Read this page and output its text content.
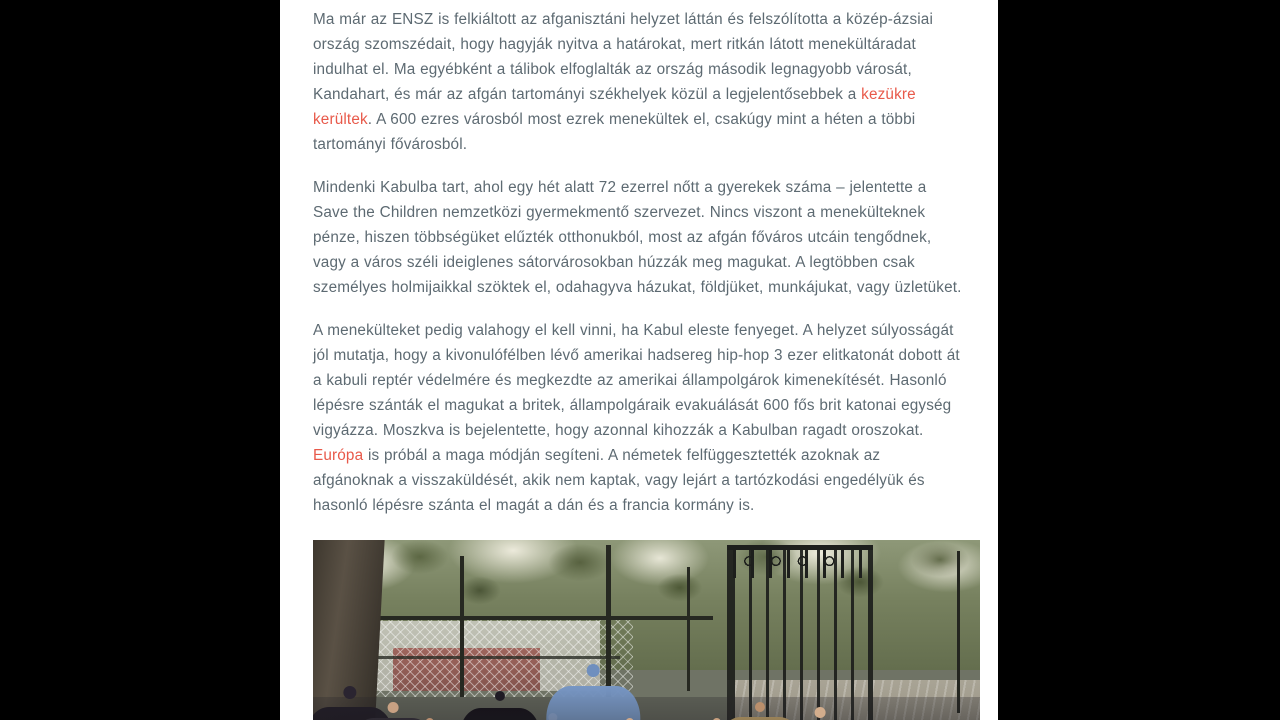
Ma már az ENSZ is felkiáltott az afganisztáni helyzet láttán és felszólította a közép-ázsiai ország szomszédait, hogy hagyják nyitva a határokat, mert ritkán látott menekültáradat indulhat el. Ma egyébként a tálibok elfoglalták az ország második legnagyobb városát, Kandahart, és már az afgán tartományi székhelyek közül a legjelentősebbek a kezükre kerültek. A 600 ezres városból most ezrek menekültek el, csakúgy mint a héten a többi tartományi fővárosból.

Mindenki Kabulba tart, ahol egy hét alatt 72 ezerrel nőtt a gyerekek száma – jelentette a Save the Children nemzetközi gyermekmentő szervezet. Nincs viszont a menekülteknek pénze, hiszen többségüket elűzték otthonukból, most az afgán főváros utcáin tengődnek, vagy a város széli ideiglenes sátorvárosokban húzzák meg magukat. A legtöbben csak személyes holmijaikkal szöktek el, odahagyva házukat, földjüket, munkájukat, vagy üzletüket.

A menekülteket pedig valahogy el kell vinni, ha Kabul eleste fenyeget. A helyzet súlyosságát jól mutatja, hogy a kivonulófélben lévő amerikai hadsereg hip-hop 3 ezer elitkatonát dobott át a kabuli reptér védelmére és megkezdte az amerikai állampolgárok kimenekítését. Hasonló lépésre szánták el magukat a britek, állampolgáraik evakuálását 600 fős brit katonai egység vigyázza. Moszkva is bejelentette, hogy azonnal kihozzák a Kabulban ragadt oroszokat. Európa is próbál a maga módján segíteni. A németek felfüggesztették azoknak az afgánoknak a visszaküldését, akik nem kaptak, vagy lejárt a tartózkodási engedélyük és hasonló lépésre szánta el magát a dán és a francia kormány is.
